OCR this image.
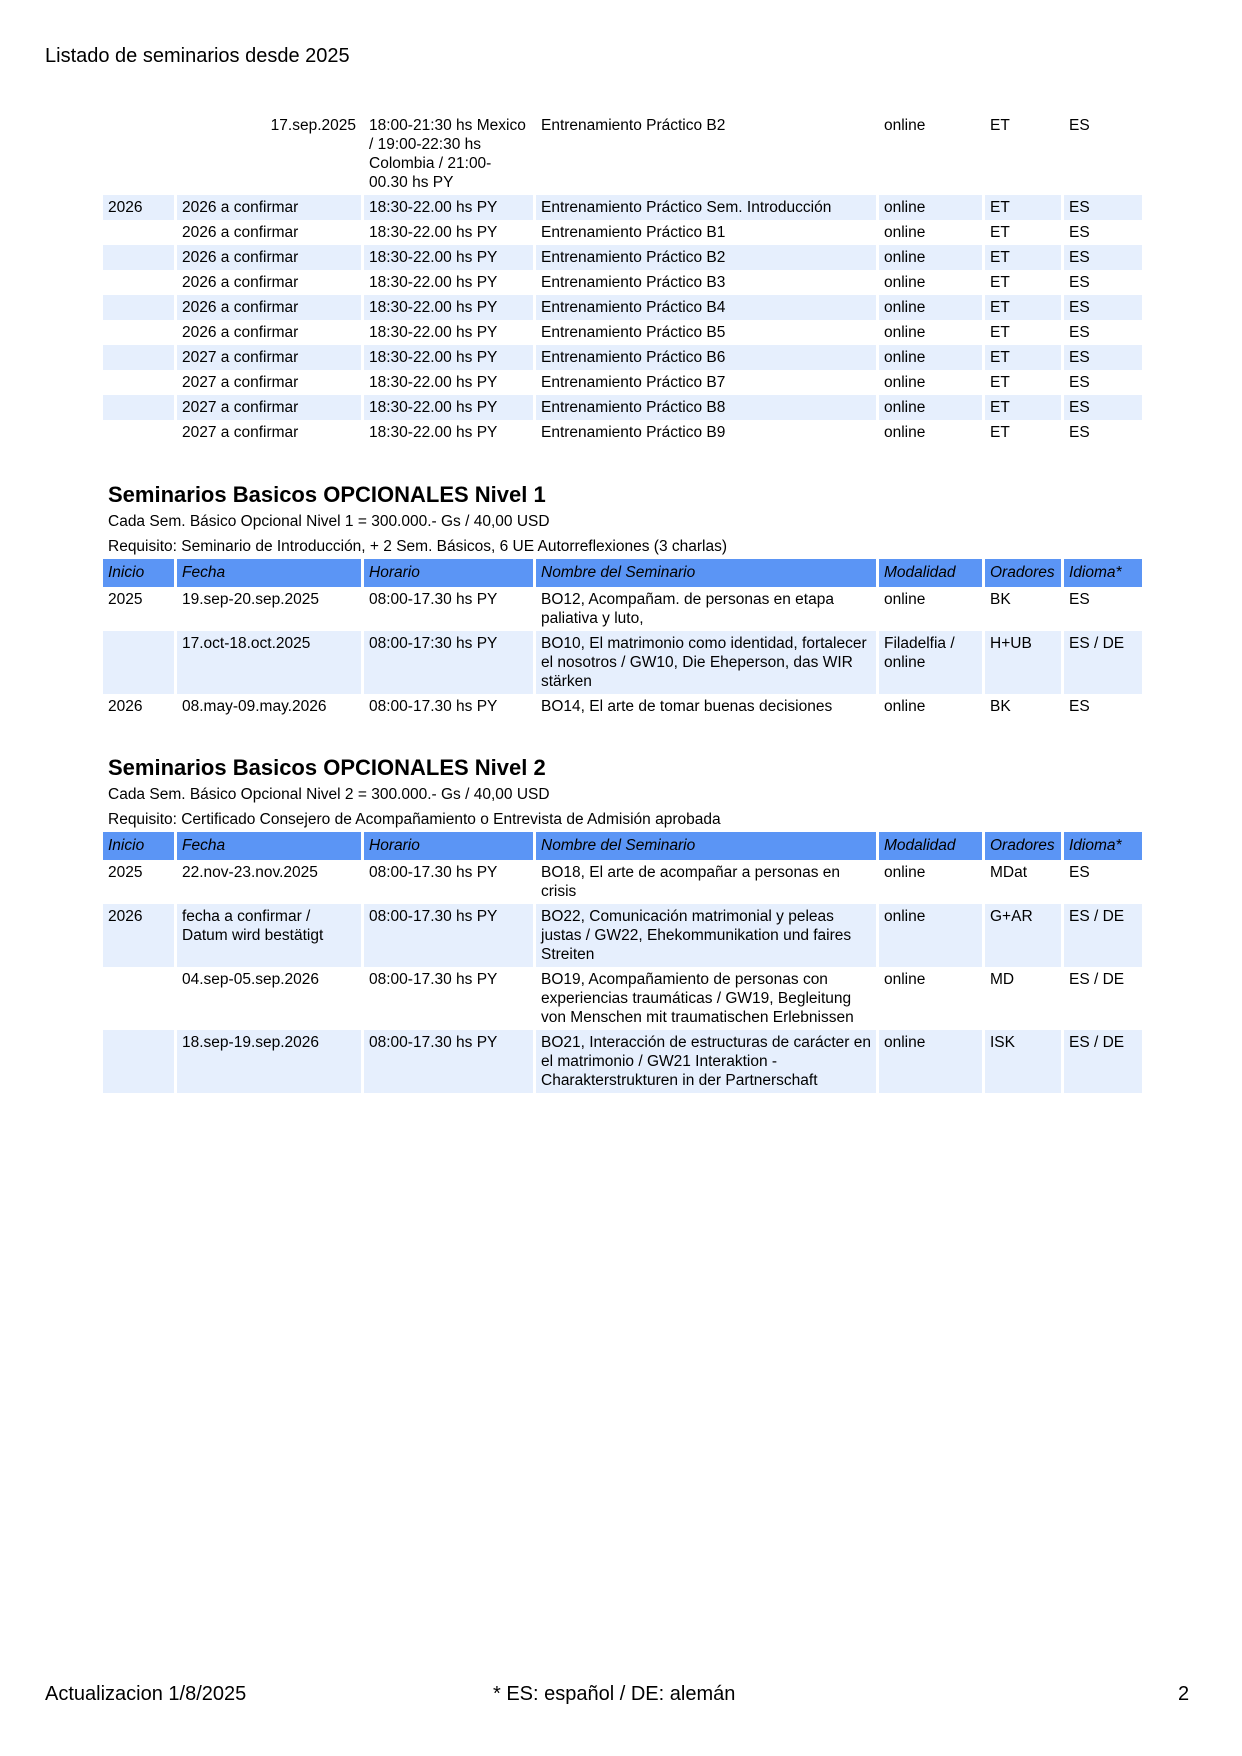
Listado de seminarios desde 2025
	17.sep.2025	18:00-21:30 hs Mexico / 19:00-22:30 hs Colombia / 21:00-00.30 hs PY	Entrenamiento Práctico B2	online	ET	ES
2026	2026 a confirmar	18:30-22.00 hs PY	Entrenamiento Práctico Sem. Introducción	online	ET	ES
	2026 a confirmar	18:30-22.00 hs PY	Entrenamiento Práctico B1	online	ET	ES
	2026 a confirmar	18:30-22.00 hs PY	Entrenamiento Práctico B2	online	ET	ES
	2026 a confirmar	18:30-22.00 hs PY	Entrenamiento Práctico B3	online	ET	ES
	2026 a confirmar	18:30-22.00 hs PY	Entrenamiento Práctico B4	online	ET	ES
	2026 a confirmar	18:30-22.00 hs PY	Entrenamiento Práctico B5	online	ET	ES
	2027 a confirmar	18:30-22.00 hs PY	Entrenamiento Práctico B6	online	ET	ES
	2027 a confirmar	18:30-22.00 hs PY	Entrenamiento Práctico B7	online	ET	ES
	2027 a confirmar	18:30-22.00 hs PY	Entrenamiento Práctico B8	online	ET	ES
	2027 a confirmar	18:30-22.00 hs PY	Entrenamiento Práctico B9	online	ET	ES
Seminarios Basicos OPCIONALES Nivel 1
Cada Sem. Básico Opcional Nivel 1 = 300.000.- Gs / 40,00 USD
Requisito: Seminario de Introducción, + 2 Sem. Básicos, 6 UE Autorreflexiones (3 charlas)
Inicio	Fecha	Horario	Nombre del Seminario	Modalidad	Oradores	Idioma*
2025	19.sep-20.sep.2025	08:00-17.30 hs PY	BO12, Acompañam. de personas en etapa paliativa y luto,	online	BK	ES
	17.oct-18.oct.2025	08:00-17:30 hs PY	BO10, El matrimonio como identidad, fortalecer el nosotros / GW10, Die Eheperson, das WIR stärken	Filadelfia / online	H+UB	ES / DE
2026	08.may-09.may.2026	08:00-17.30 hs PY	BO14, El arte de tomar buenas decisiones	online	BK	ES
Seminarios Basicos OPCIONALES Nivel 2
Cada Sem. Básico Opcional Nivel 2 = 300.000.- Gs / 40,00 USD
Requisito: Certificado Consejero de Acompañamiento o Entrevista de Admisión aprobada
Inicio	Fecha	Horario	Nombre del Seminario	Modalidad	Oradores	Idioma*
2025	22.nov-23.nov.2025	08:00-17.30 hs PY	BO18, El arte de acompañar a personas en crisis	online	MDat	ES
2026	fecha a confirmar / Datum wird bestätigt	08:00-17.30 hs PY	BO22, Comunicación matrimonial y peleas justas / GW22, Ehekommunikation und faires Streiten	online	G+AR	ES / DE
	04.sep-05.sep.2026	08:00-17.30 hs PY	BO19, Acompañamiento de personas con experiencias traumáticas / GW19, Begleitung von Menschen mit traumatischen Erlebnissen	online	MD	ES / DE
	18.sep-19.sep.2026	08:00-17.30 hs PY	BO21, Interacción de estructuras de carácter en el matrimonio / GW21 Interaktion - Charakterstrukturen in der Partnerschaft	online	ISK	ES / DE
Actualizacion 1/8/2025	* ES: español / DE: alemán	2
